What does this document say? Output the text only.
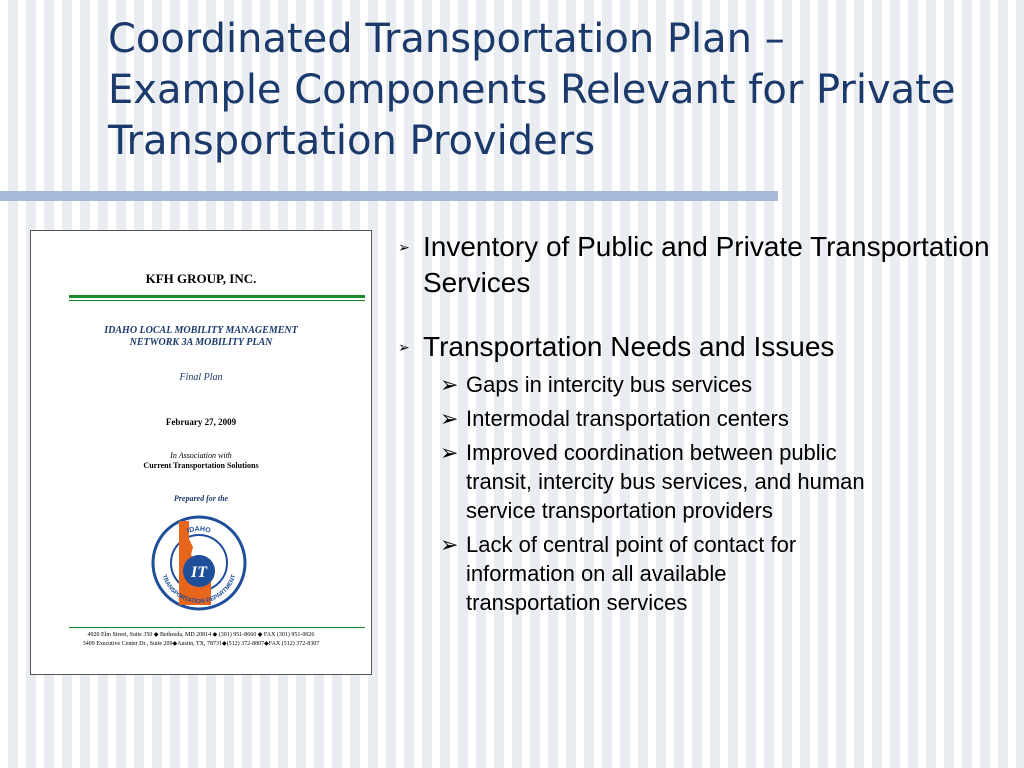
Coordinated Transportation Plan –
Example Components Relevant for Private
Transportation Providers
KFH GROUP, INC.
IDAHO LOCAL MOBILITY MANAGEMENT
NETWORK 3A MOBILITY PLAN
Final Plan
February 27, 2009
In Association with
Current Transportation Solutions
Prepared for the
IT
IDAHO
TRANSPORTATION DEPARTMENT
4920 Elm Street, Suite 350 ◆ Bethesda, MD 20814 ◆ (301) 951-8660 ◆ FAX (301) 951-0026
3409 Executive Center Dr., Suite 209◆Austin, TX, 78731◆(512) 372-8807◆FAX (512) 372-8307
➢ Inventory of Public and Private Transportation Services
➢ Transportation Needs and Issues
➢ Gaps in intercity bus services
➢ Intermodal transportation centers
➢ Improved coordination between public transit, intercity bus services, and human service transportation providers
➢ Lack of central point of contact for information on all available transportation services
